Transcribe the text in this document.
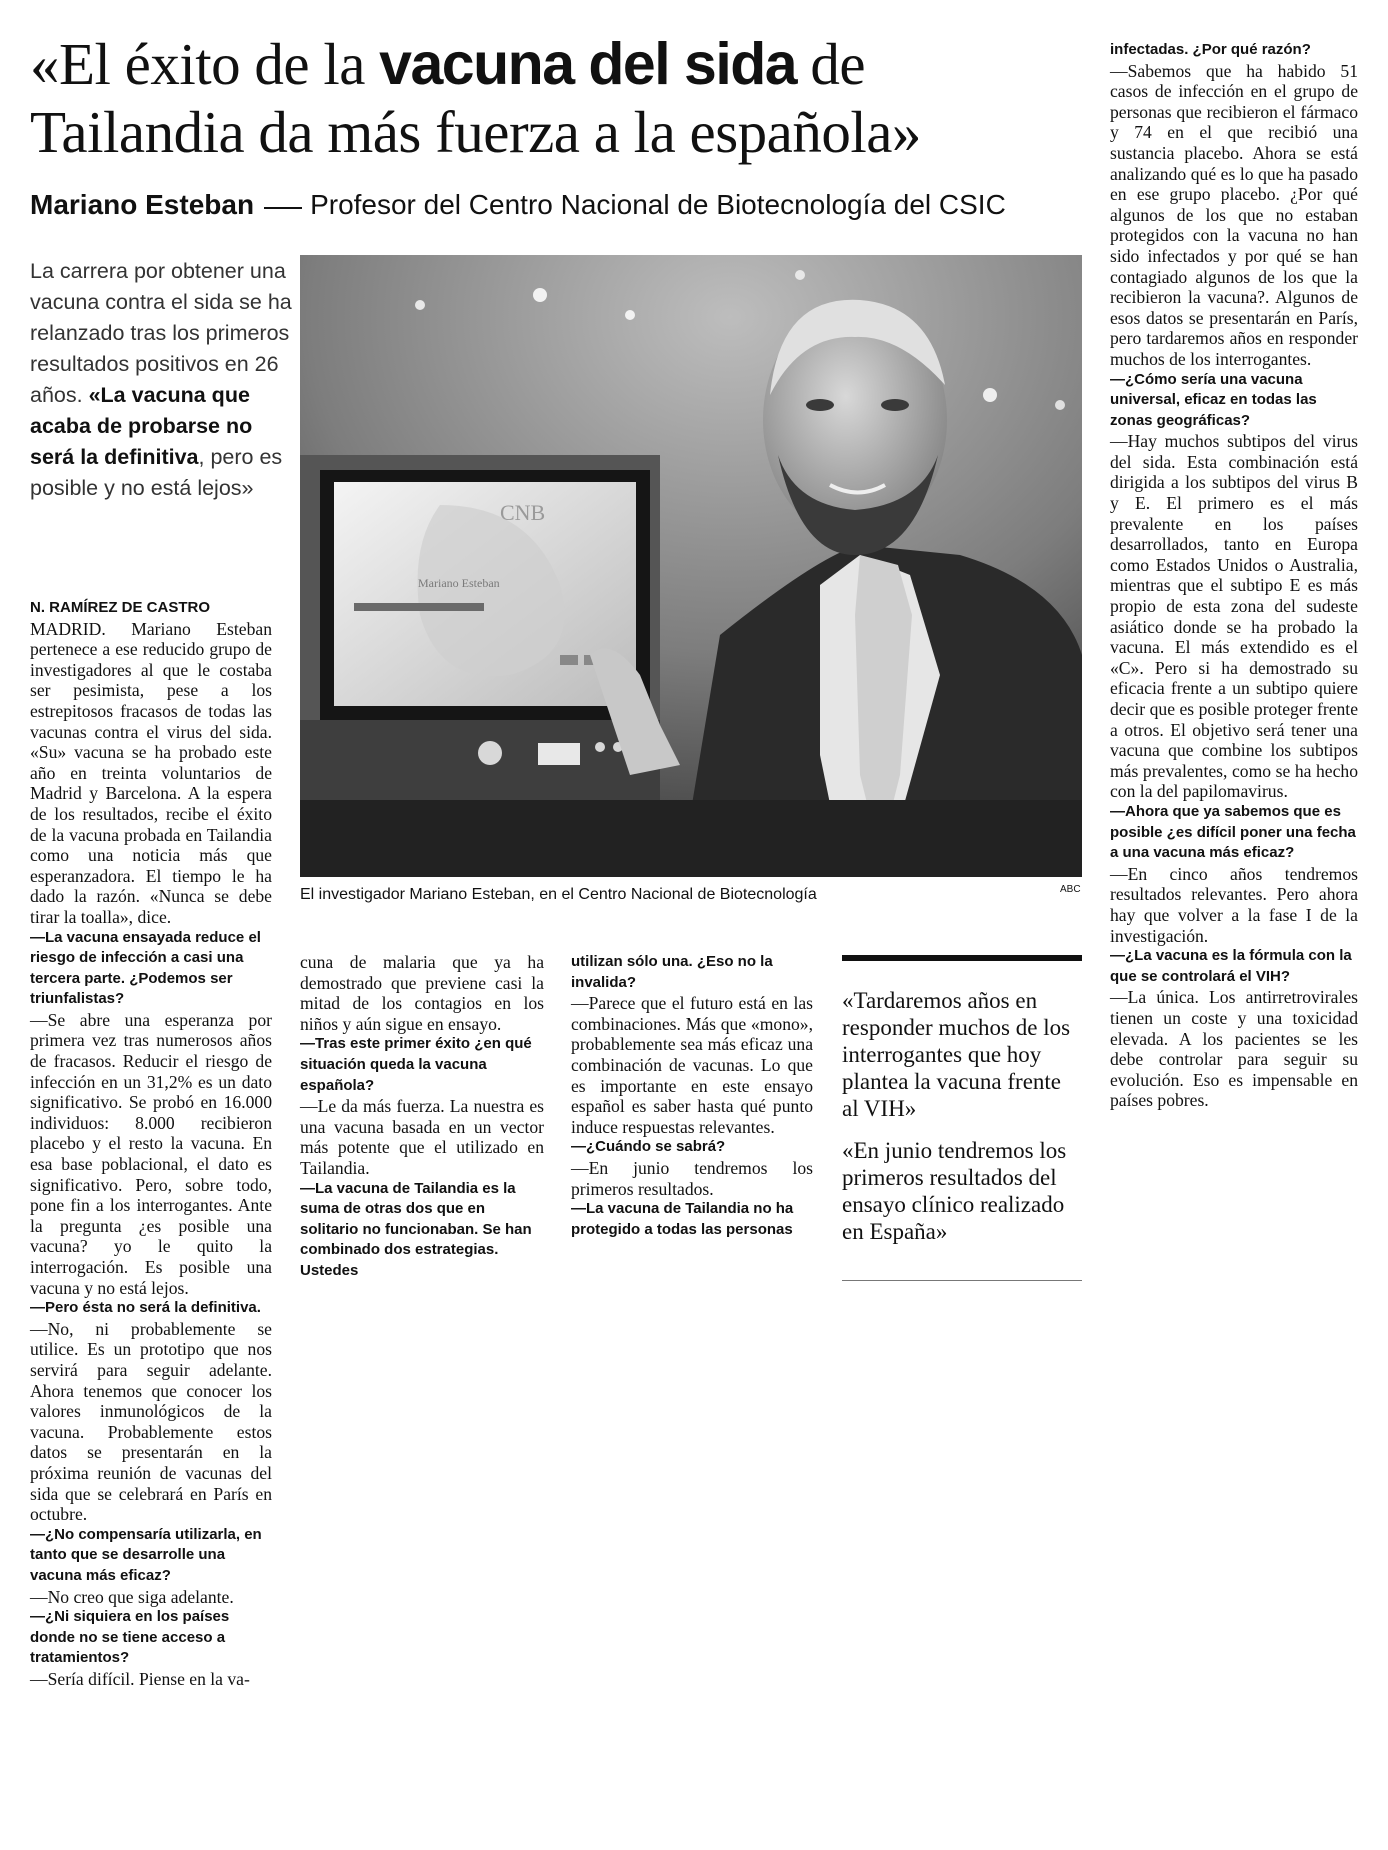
«El éxito de la vacuna del sida de Tailandia da más fuerza a la española»
Mariano Esteban Profesor del Centro Nacional de Biotecnología del CSIC
La carrera por obtener una vacuna contra el sida se ha relanzado tras los primeros resultados positivos en 26 años. «La vacuna que acaba de probarse no será la definitiva, pero es posible y no está lejos»
CNB
Mariano Esteban
El investigador Mariano Esteban, en el Centro Nacional de Biotecnología	ABC
N. RAMÍREZ DE CASTRO

MADRID. Mariano Esteban pertenece a ese reducido grupo de investigadores al que le costaba ser pesimista, pese a los estrepitosos fracasos de todas las vacunas contra el virus del sida. «Su» vacuna se ha probado este año en treinta voluntarios de Madrid y Barcelona. A la espera de los resultados, recibe el éxito de la vacuna probada en Tailandia como una noticia más que esperanzadora. El tiempo le ha dado la razón. «Nunca se debe tirar la toalla», dice.

—La vacuna ensayada reduce el riesgo de infección a casi una tercera parte. ¿Podemos ser triunfalistas?

—Se abre una esperanza por primera vez tras numerosos años de fracasos. Reducir el riesgo de infección en un 31,2% es un dato significativo. Se probó en 16.000 individuos: 8.000 recibieron placebo y el resto la vacuna. En esa base poblacional, el dato es significativo. Pero, sobre todo, pone fin a los interrogantes. Ante la pregunta ¿es posible una vacuna? yo le quito la interrogación. Es posible una vacuna y no está lejos.

—Pero ésta no será la definitiva.

—No, ni probablemente se utilice. Es un prototipo que nos servirá para seguir adelante. Ahora tenemos que conocer los valores inmunológicos de la vacuna. Probablemente estos datos se presentarán en la próxima reunión de vacunas del sida que se celebrará en París en octubre.

—¿No compensaría utilizarla, en tanto que se desarrolle una vacuna más eficaz?

—No creo que siga adelante.

—¿Ni siquiera en los países donde no se tiene acceso a tratamientos?

—Sería difícil. Piense en la va-

cuna de malaria que ya ha demostrado que previene casi la mitad de los contagios en los niños y aún sigue en ensayo.

—Tras este primer éxito ¿en qué situación queda la vacuna española?

—Le da más fuerza. La nuestra es una vacuna basada en un vector más potente que el utilizado en Tailandia.

—La vacuna de Tailandia es la suma de otras dos que en solitario no funcionaban. Se han combinado dos estrategias. Ustedes

utilizan sólo una. ¿Eso no la invalida?

—Parece que el futuro está en las combinaciones. Más que «mono», probablemente sea más eficaz una combinación de vacunas. Lo que es importante en este ensayo español es saber hasta qué punto induce respuestas relevantes.

—¿Cuándo se sabrá?

—En junio tendremos los primeros resultados.

—La vacuna de Tailandia no ha protegido a todas las personas

infectadas. ¿Por qué razón?

—Sabemos que ha habido 51 casos de infección en el grupo de personas que recibieron el fármaco y 74 en el que recibió una sustancia placebo. Ahora se está analizando qué es lo que ha pasado en ese grupo placebo. ¿Por qué algunos de los que no estaban protegidos con la vacuna no han sido infectados y por qué se han contagiado algunos de los que la recibieron la vacuna?. Algunos de esos datos se presentarán en París, pero tardaremos años en responder muchos de los interrogantes.

—¿Cómo sería una vacuna universal, eficaz en todas las zonas geográficas?

—Hay muchos subtipos del virus del sida. Esta combinación está dirigida a los subtipos del virus B y E. El primero es el más prevalente en los países desarrollados, tanto en Europa como Estados Unidos o Australia, mientras que el subtipo E es más propio de esta zona del sudeste asiático donde se ha probado la vacuna. El más extendido es el «C». Pero si ha demostrado su eficacia frente a un subtipo quiere decir que es posible proteger frente a otros. El objetivo será tener una vacuna que combine los subtipos más prevalentes, como se ha hecho con la del papilomavirus.

—Ahora que ya sabemos que es posible ¿es difícil poner una fecha a una vacuna más eficaz?

—En cinco años tendremos resultados relevantes. Pero ahora hay que volver a la fase I de la investigación.

—¿La vacuna es la fórmula con la que se controlará el VIH?

—La única. Los antirretrovirales tienen un coste y una toxicidad elevada. A los pacientes se les debe controlar para seguir su evolución. Eso es impensable en países pobres.

«Tardaremos años en responder muchos de los interrogantes que hoy plantea la vacuna frente al VIH»

«En junio tendremos los primeros resultados del ensayo clínico realizado en España»
